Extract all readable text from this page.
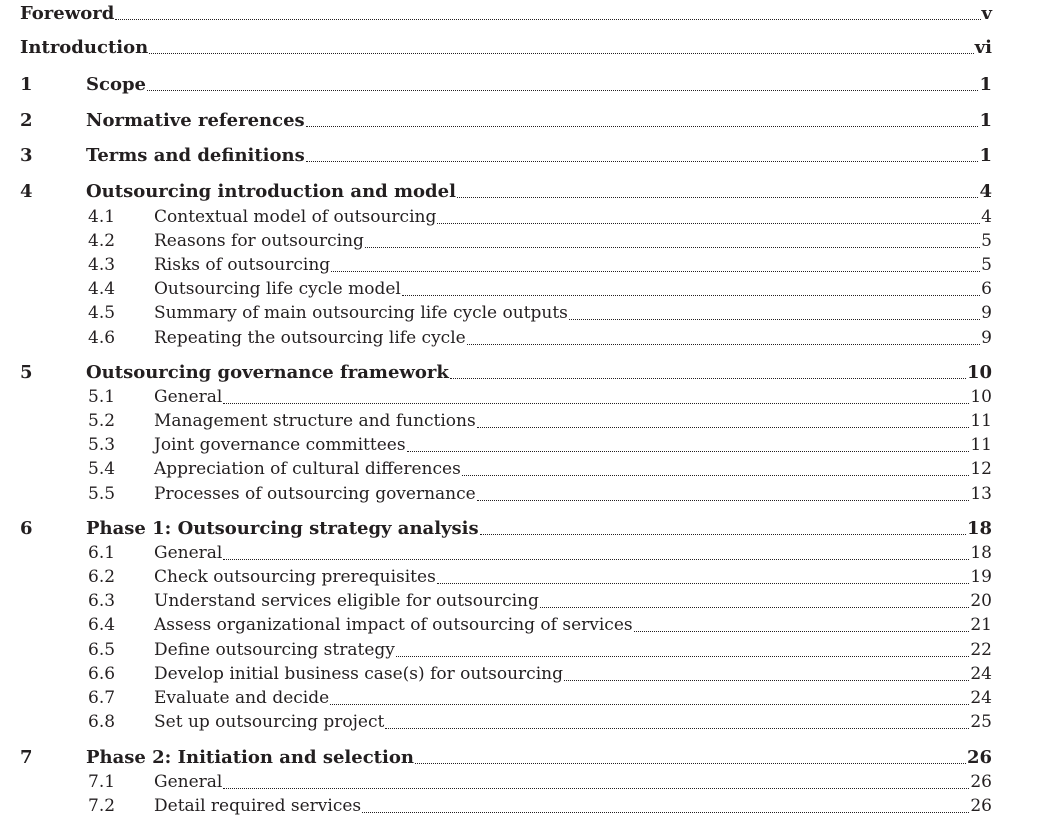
Foreword	v
Introduction	vi
1	Scope	1
2	Normative references	1
3	Terms and definitions	1
4	Outsourcing introduction and model	4
4.1 Contextual model of outsourcing	4
4.2 Reasons for outsourcing	5
4.3 Risks of outsourcing	5
4.4 Outsourcing life cycle model	6
4.5 Summary of main outsourcing life cycle outputs	9
4.6 Repeating the outsourcing life cycle	9
5	Outsourcing governance framework	10
5.1 General	10
5.2 Management structure and functions	11
5.3 Joint governance committees	11
5.4 Appreciation of cultural differences	12
5.5 Processes of outsourcing governance	13
6	Phase 1: Outsourcing strategy analysis	18
6.1 General	18
6.2 Check outsourcing prerequisites	19
6.3 Understand services eligible for outsourcing	20
6.4 Assess organizational impact of outsourcing of services	21
6.5 Define outsourcing strategy	22
6.6 Develop initial business case(s) for outsourcing	24
6.7 Evaluate and decide	24
6.8 Set up outsourcing project	25
7	Phase 2: Initiation and selection	26
7.1 General	26
7.2 Detail required services	26
